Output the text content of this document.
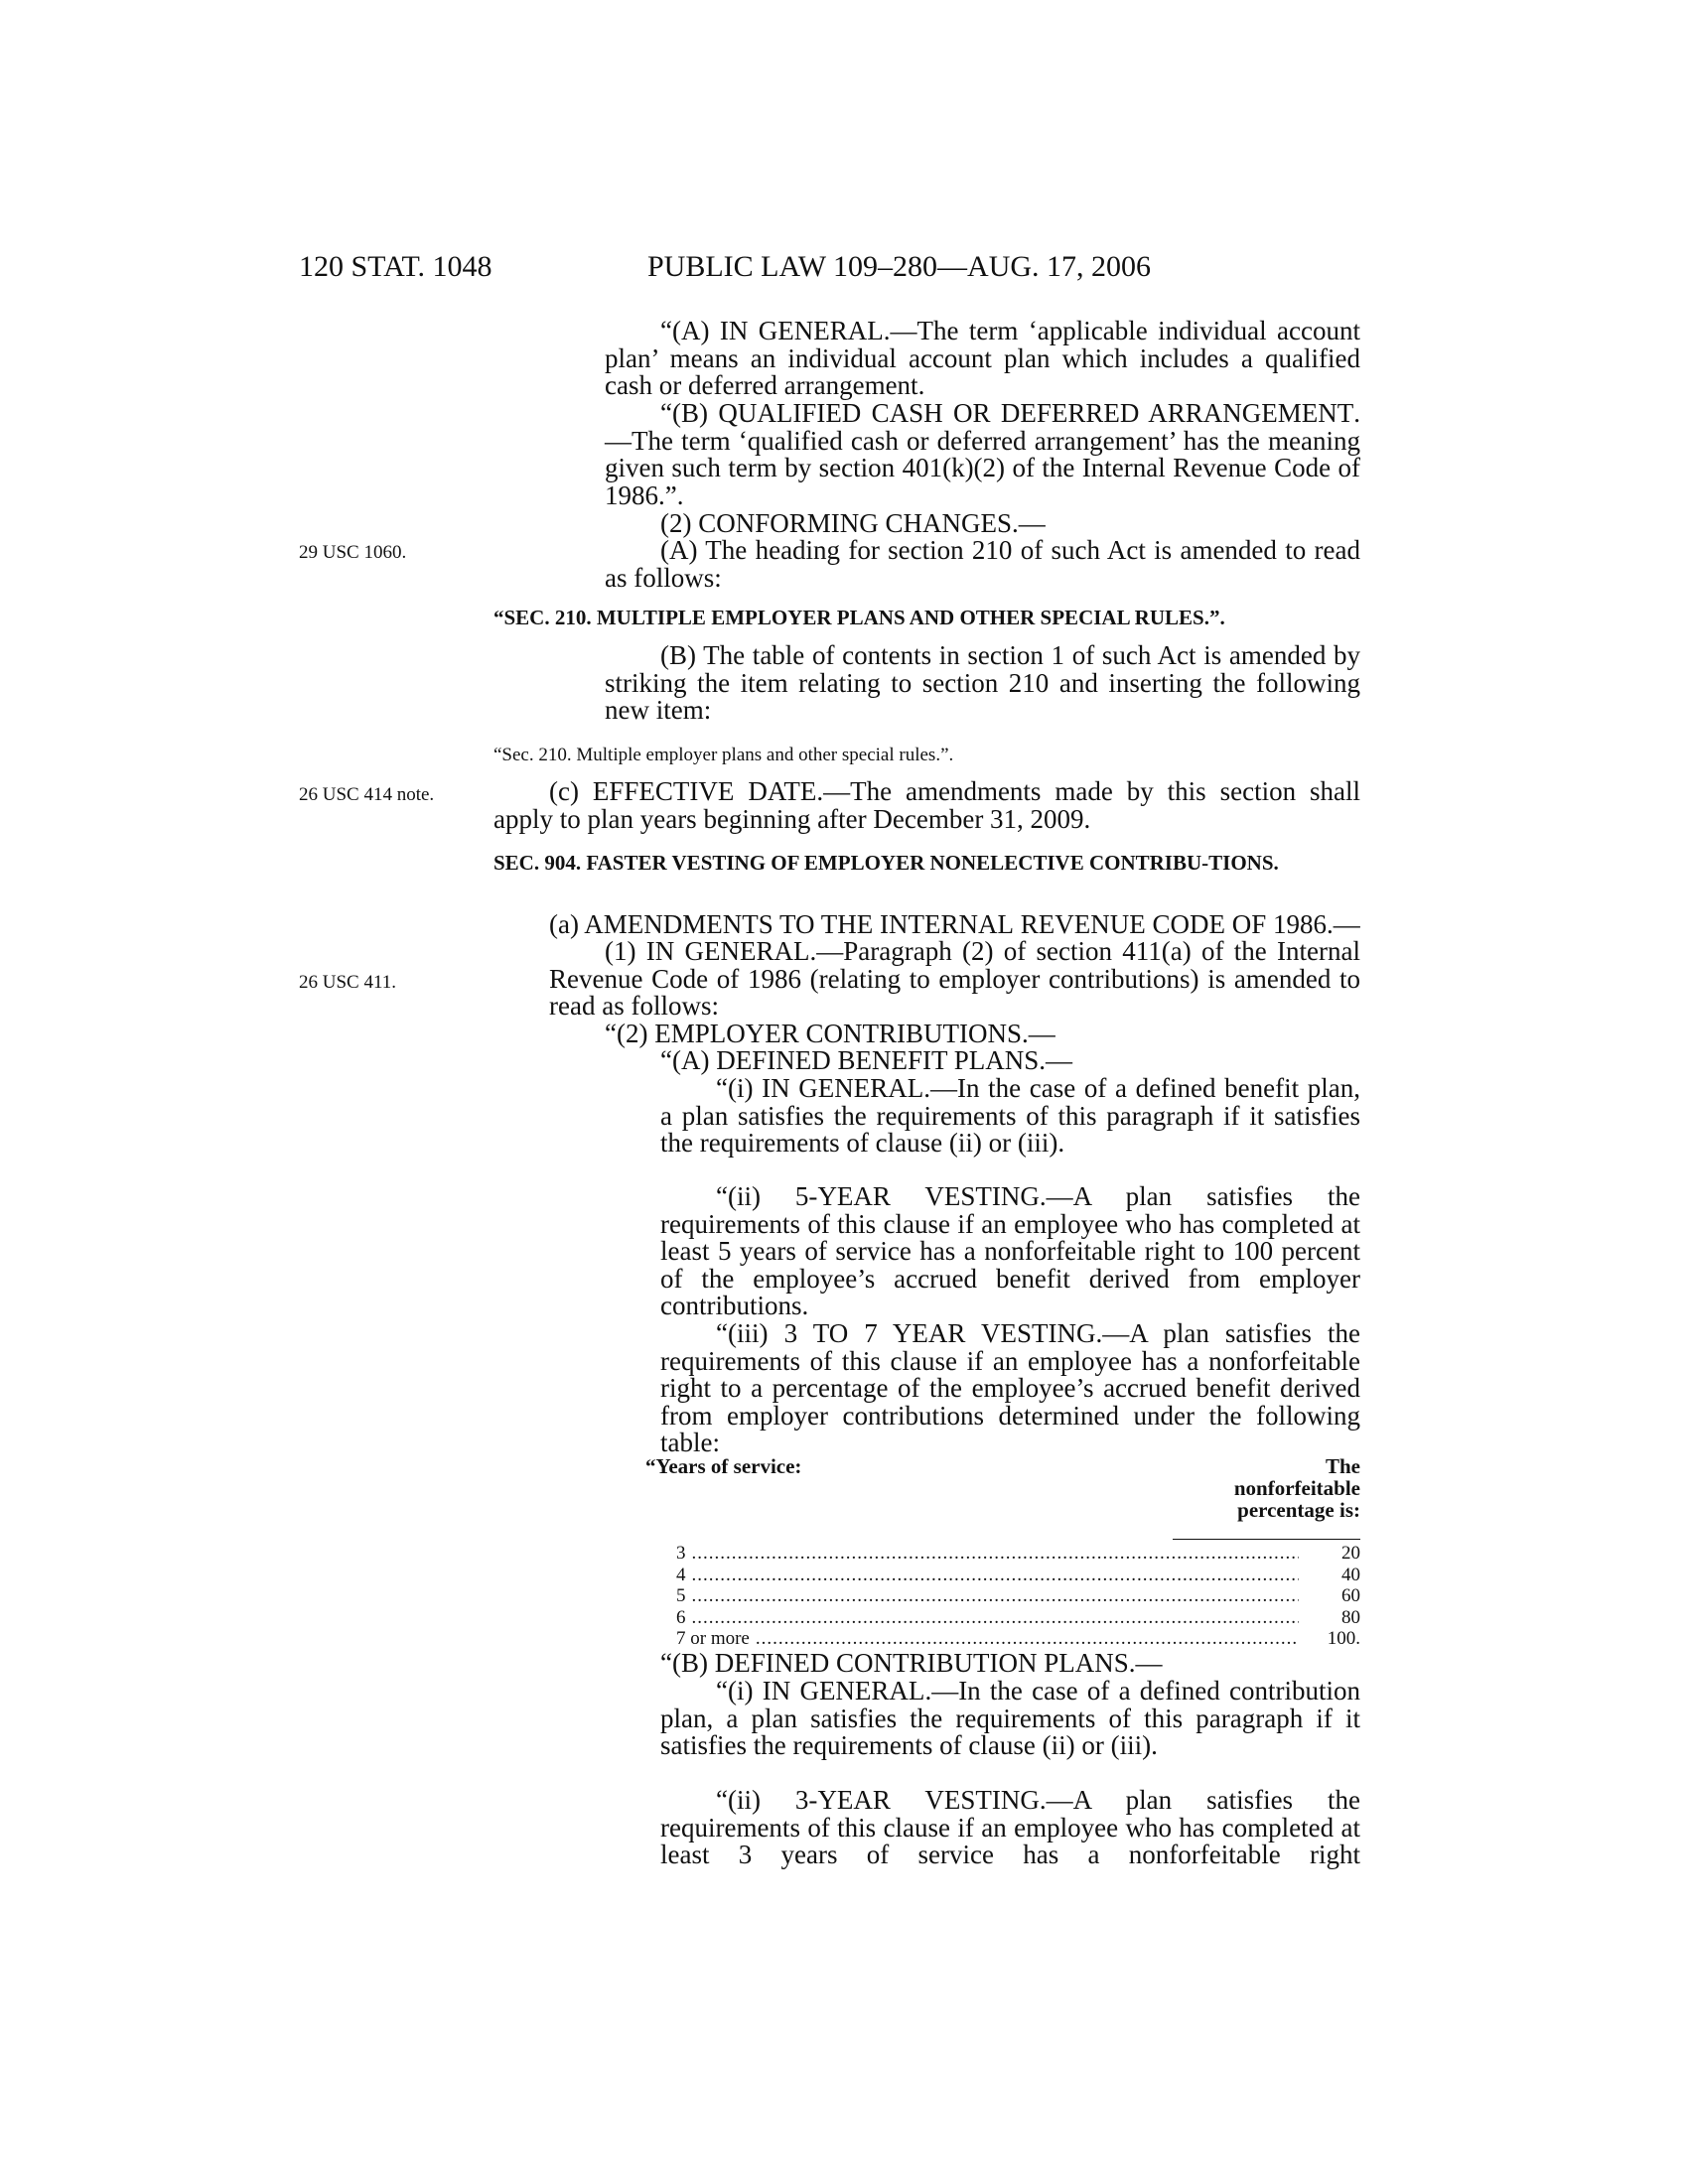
120 STAT. 1048	PUBLIC LAW 109–280—AUG. 17, 2006
29 USC 1060.
26 USC 414 note.
26 USC 411.
“(A) IN GENERAL.—The term ‘applicable individual account plan’ means an individual account plan which includes a qualified cash or deferred arrangement.
“(B) QUALIFIED CASH OR DEFERRED ARRANGEMENT.—The term ‘qualified cash or deferred arrangement’ has the meaning given such term by section 401(k)(2) of the Internal Revenue Code of 1986.”.
(2) CONFORMING CHANGES.—
(A) The heading for section 210 of such Act is amended to read as follows:
“SEC. 210. MULTIPLE EMPLOYER PLANS AND OTHER SPECIAL RULES.”.
(B) The table of contents in section 1 of such Act is amended by striking the item relating to section 210 and inserting the following new item:
“Sec. 210. Multiple employer plans and other special rules.”.
(c) EFFECTIVE DATE.—The amendments made by this section shall apply to plan years beginning after December 31, 2009.
SEC. 904. FASTER VESTING OF EMPLOYER NONELECTIVE CONTRIBU-TIONS.
(a) AMENDMENTS TO THE INTERNAL REVENUE CODE OF 1986.—
(1) IN GENERAL.—Paragraph (2) of section 411(a) of the Internal Revenue Code of 1986 (relating to employer contributions) is amended to read as follows:
“(2) EMPLOYER CONTRIBUTIONS.—
“(A) DEFINED BENEFIT PLANS.—
“(i) IN GENERAL.—In the case of a defined benefit plan, a plan satisfies the requirements of this paragraph if it satisfies the requirements of clause (ii) or (iii).
“(ii) 5-YEAR VESTING.—A plan satisfies the requirements of this clause if an employee who has completed at least 5 years of service has a nonforfeitable right to 100 percent of the employee’s accrued benefit derived from employer contributions.
“(iii) 3 TO 7 YEAR VESTING.—A plan satisfies the requirements of this clause if an employee has a nonforfeitable right to a percentage of the employee’s accrued benefit derived from employer contributions determined under the following table:
“Years of service:	The
nonforfeitable
percentage is:
3 .....	20
4 .....	40
5 .....	60
6 .....	80
7 or more .....	100.
“(B) DEFINED CONTRIBUTION PLANS.—
“(i) IN GENERAL.—In the case of a defined contribution plan, a plan satisfies the requirements of this paragraph if it satisfies the requirements of clause (ii) or (iii).
“(ii) 3-YEAR VESTING.—A plan satisfies the requirements of this clause if an employee who has completed at least 3 years of service has a nonforfeitable right
